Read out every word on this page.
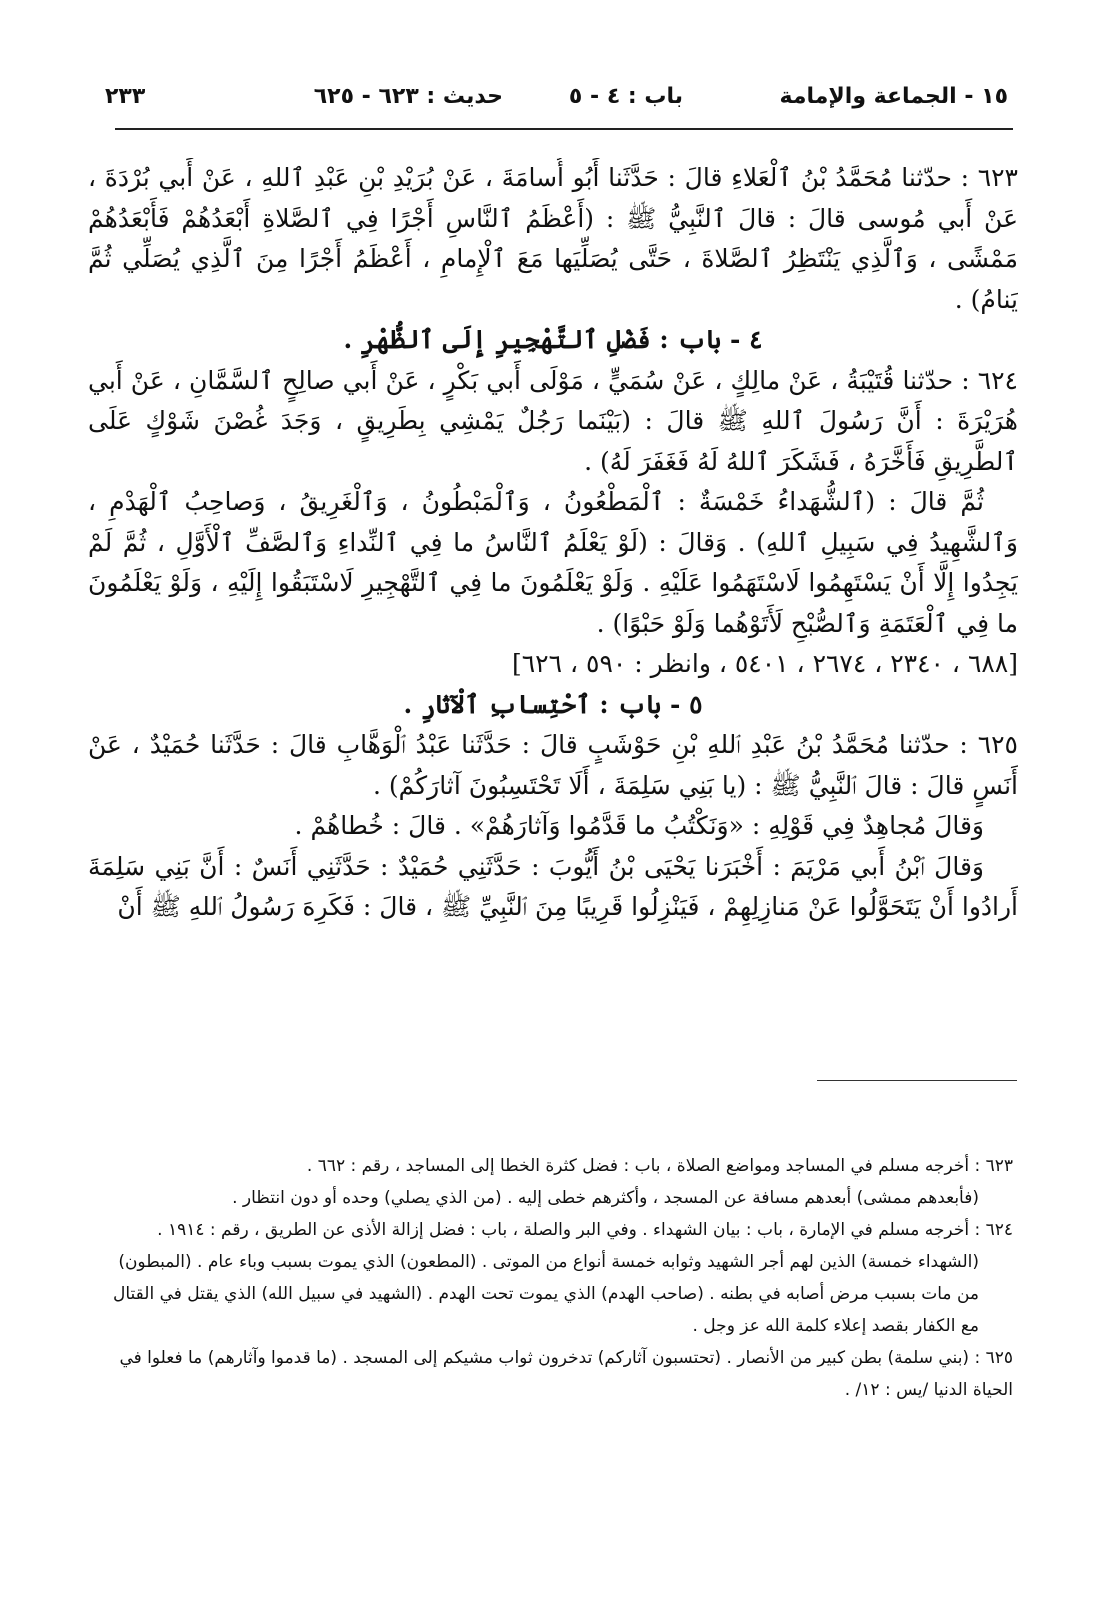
١٥ - الجماعة والإمامة
باب : ٤ - ٥
حديث : ٦٢٣ - ٦٢٥
٢٣٣

٦٢٣ : حدّثنا مُحَمَّدُ بْنُ ٱلْعَلاءِ قالَ : حَدَّثَنا أَبُو أُسامَةَ ، عَنْ بُرَيْدِ بْنِ عَبْدِ ٱللهِ ، عَنْ أَبي بُرْدَةَ ، عَنْ أَبي مُوسى قالَ : قالَ ٱلنَّبِيُّ ﷺ : (أَعْظَمُ ٱلنَّاسِ أَجْرًا فِي ٱلصَّلاةِ أَبْعَدُهُمْ فَأَبْعَدُهُمْ مَمْشًى ، وَٱلَّذِي يَنْتَظِرُ ٱلصَّلاةَ ، حَتَّى يُصَلِّيَها مَعَ ٱلْإِمامِ ، أَعْظَمُ أَجْرًا مِنَ ٱلَّذِي يُصَلِّي ثُمَّ يَنامُ) .

٤ - باب : فَضْلِ ٱلتَّهْجِيرِ إِلَى ٱلظُّهْرِ .

٦٢٤ : حدّثنا قُتَيْبَةُ ، عَنْ مالِكٍ ، عَنْ سُمَيٍّ ، مَوْلَى أَبي بَكْرٍ ، عَنْ أَبي صالِحٍ ٱلسَّمَّانِ ، عَنْ أَبي هُرَيْرَةَ : أَنَّ رَسُولَ ٱللهِ ﷺ قالَ : (بَيْنَما رَجُلٌ يَمْشِي بِطَرِيقٍ ، وَجَدَ غُصْنَ شَوْكٍ عَلَى ٱلطَّرِيقِ فَأَخَّرَهُ ، فَشَكَرَ ٱللهُ لَهُ فَغَفَرَ لَهُ) .

ثُمَّ قالَ : (ٱلشُّهَداءُ خَمْسَةٌ : ٱلْمَطْعُونُ ، وَٱلْمَبْطُونُ ، وَٱلْغَرِيقُ ، وَصاحِبُ ٱلْهَدْمِ ، وَٱلشَّهِيدُ فِي سَبِيلِ ٱللهِ) . وَقالَ : (لَوْ يَعْلَمُ ٱلنَّاسُ ما فِي ٱلنِّداءِ وَٱلصَّفِّ ٱلْأَوَّلِ ، ثُمَّ لَمْ يَجِدُوا إِلَّا أَنْ يَسْتَهِمُوا لَاسْتَهَمُوا عَلَيْهِ . وَلَوْ يَعْلَمُونَ ما فِي ٱلتَّهْجِيرِ لَاسْتَبَقُوا إِلَيْهِ ، وَلَوْ يَعْلَمُونَ ما فِي ٱلْعَتَمَةِ وَٱلصُّبْحِ لَأَتَوْهُما وَلَوْ حَبْوًا) .

[٦٨٨ ، ٢٣٤٠ ، ٢٦٧٤ ، ٥٤٠١ ، وانظر : ٥٩٠ ، ٦٢٦]

٥ - باب : ٱحْتِسابِ ٱلْآثارِ .

٦٢٥ : حدّثنا مُحَمَّدُ بْنُ عَبْدِ ٱللهِ بْنِ حَوْشَبٍ قالَ : حَدَّثَنا عَبْدُ ٱلْوَهَّابِ قالَ : حَدَّثَنا حُمَيْدٌ ، عَنْ أَنَسٍ قالَ : قالَ ٱلنَّبِيُّ ﷺ : (يا بَنِي سَلِمَةَ ، أَلَا تَحْتَسِبُونَ آثارَكُمْ) .

وَقالَ مُجاهِدٌ فِي قَوْلِهِ : «وَنَكْتُبُ ما قَدَّمُوا وَآثارَهُمْ» . قالَ : خُطاهُمْ .

وَقالَ ٱبْنُ أَبي مَرْيَمَ : أَخْبَرَنا يَحْيَى بْنُ أَيُّوبَ : حَدَّثَنِي حُمَيْدٌ : حَدَّثَنِي أَنَسٌ : أَنَّ بَنِي سَلِمَةَ أَرادُوا أَنْ يَتَحَوَّلُوا عَنْ مَنازِلِهِمْ ، فَيَنْزِلُوا قَرِيبًا مِنَ ٱلنَّبِيِّ ﷺ ، قالَ : فَكَرِهَ رَسُولُ ٱللهِ ﷺ أَنْ

٦٢٣ : أخرجه مسلم في المساجد ومواضع الصلاة ، باب : فضل كثرة الخطا إلى المساجد ، رقم : ٦٦٢ .

(فأبعدهم ممشى) أبعدهم مسافة عن المسجد ، وأكثرهم خطى إليه . (من الذي يصلي) وحده أو دون انتظار .

٦٢٤ : أخرجه مسلم في الإمارة ، باب : بيان الشهداء . وفي البر والصلة ، باب : فضل إزالة الأذى عن الطريق ، رقم : ١٩١٤ .

(الشهداء خمسة) الذين لهم أجر الشهيد وثوابه خمسة أنواع من الموتى . (المطعون) الذي يموت بسبب وباء عام . (المبطون) من مات بسبب مرض أصابه في بطنه . (صاحب الهدم) الذي يموت تحت الهدم . (الشهيد في سبيل الله) الذي يقتل في القتال مع الكفار بقصد إعلاء كلمة الله عز وجل .

٦٢٥ : (بني سلمة) بطن كبير من الأنصار . (تحتسبون آثاركم) تدخرون ثواب مشيكم إلى المسجد . (ما قدموا وآثارهم) ما فعلوا في الحياة الدنيا /يس : ١٢/ .
